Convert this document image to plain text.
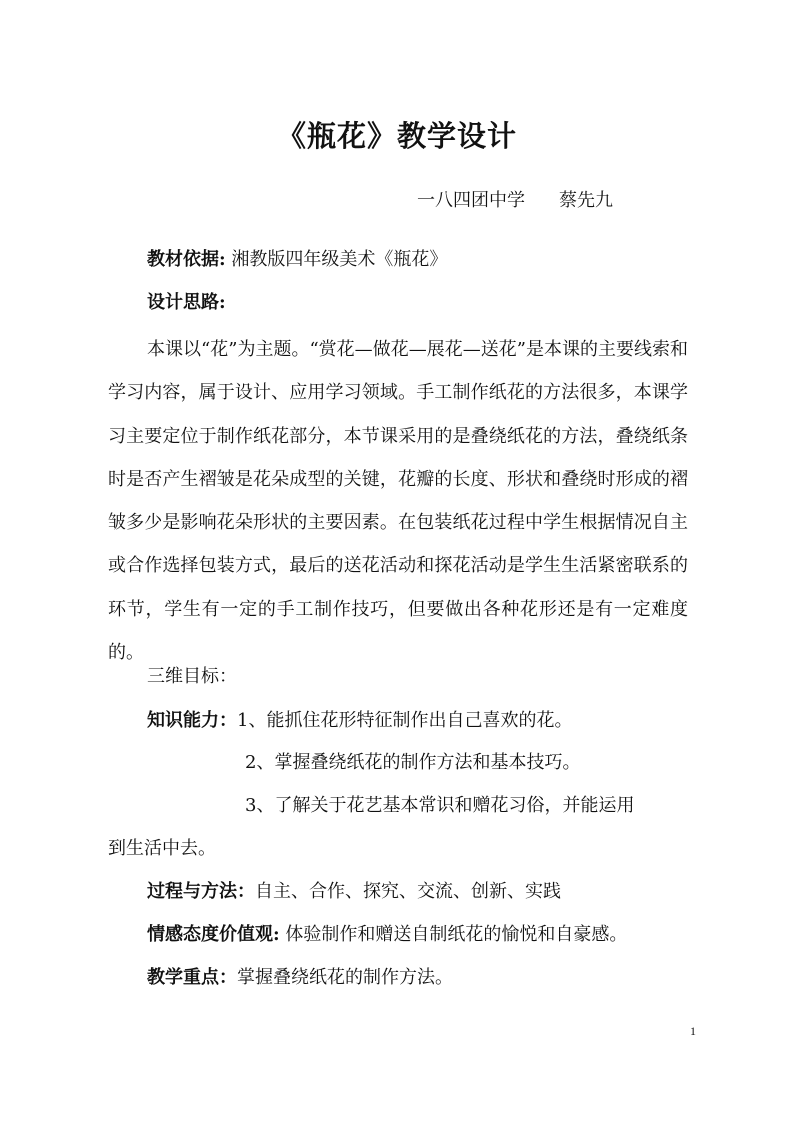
《瓶花》教学设计
一八四团中学 蔡先九
教材依据: 湘教版四年级美术《瓶花》
设计思路:

本课以“花”为主题。“赏花—做花—展花—送花”是本课的主要线索和学习内容，属于设计、应用学习领域。手工制作纸花的方法很多，本课学习主要定位于制作纸花部分，本节课采用的是叠绕纸花的方法，叠绕纸条时是否产生褶皱是花朵成型的关键，花瓣的长度、形状和叠绕时形成的褶皱多少是影响花朵形状的主要因素。在包装纸花过程中学生根据情况自主或合作选择包装方式，最后的送花活动和探花活动是学生生活紧密联系的环节，学生有一定的手工制作技巧，但要做出各种花形还是有一定难度的。

三维目标：
知识能力：1、能抓住花形特征制作出自己喜欢的花。
2、掌握叠绕纸花的制作方法和基本技巧。
3、了解关于花艺基本常识和赠花习俗，并能运用
到生活中去。
过程与方法：自主、合作、探究、交流、创新、实践
情感态度价值观: 体验制作和赠送自制纸花的愉悦和自豪感。
教学重点：掌握叠绕纸花的制作方法。
1
